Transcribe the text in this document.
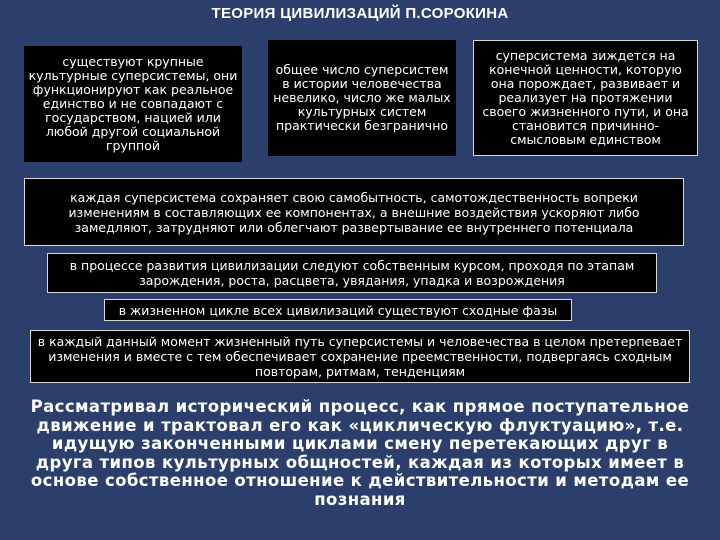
ТЕОРИЯ ЦИВИЛИЗАЦИЙ П.СОРОКИНА
существуют крупные культурные суперсистемы, они функционируют как реальное единство и не совпадают с государством, нацией или любой другой социальной группой
общее число суперсистем в истории человечества невелико, число же малых культурных систем практически безгранично
суперсистема зиждется на конечной ценности, которую она порождает, развивает и реализует на протяжении своего жизненного пути, и она становится причинно-смысловым единством
каждая суперсистема сохраняет свою самобытность, самотождественность вопреки изменениям в составляющих ее компонентах, а внешние воздействия ускоряют либо замедляют, затрудняют или облегчают развертывание ее внутреннего потенциала
в процессе развития цивилизации следуют собственным курсом, проходя по этапам зарождения, роста, расцвета, увядания, упадка и возрождения
в жизненном цикле всех цивилизаций существуют сходные фазы
в каждый данный момент жизненный путь суперсистемы и человечества в целом претерпевает изменения и вместе с тем обеспечивает сохранение преемственности, подвергаясь сходным повторам, ритмам, тенденциям
Рассматривал исторический процесс, как прямое поступательное движение и трактовал его как «циклическую флуктуацию», т.е. идущую законченными циклами смену перетекающих друг в друга типов культурных общностей, каждая из которых имеет в основе собственное отношение к действительности и методам ее познания
